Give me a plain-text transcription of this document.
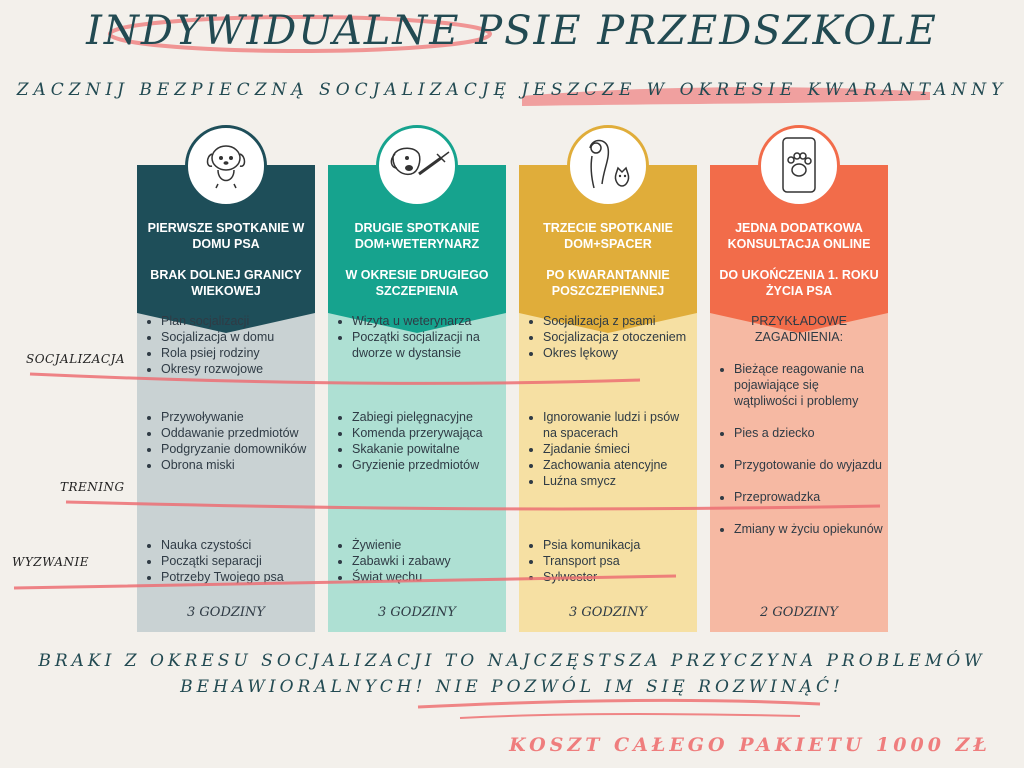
INDYWIDUALNE PSIE PRZEDSZKOLE
ZACZNIJ BEZPIECZNĄ SOCJALIZACJĘ JESZCZE W OKRESIE KWARANTANNY
PIERWSZE SPOTKANIE W DOMU PSA
BRAK DOLNEJ GRANICY WIEKOWEJ
• Plan socjalizacji
• Socjalizacja w domu
• Rola psiej rodziny
• Okresy rozwojowe
• Przywoływanie
• Oddawanie przedmiotów
• Podgryzanie domowników
• Obrona miski
• Nauka czystości
• Początki separacji
• Potrzeby Twojego psa
3 GODZINY
DRUGIE SPOTKANIE DOM+WETERYNARZ
W OKRESIE DRUGIEGO SZCZEPIENIA
• Wizyta u weterynarza
• Początki socjalizacji na dworze w dystansie
• Zabiegi pielęgnacyjne
• Komenda przerywająca
• Skakanie powitalne
• Gryzienie przedmiotów
• Żywienie
• Zabawki i zabawy
• Świat węchu
3 GODZINY
TRZECIE SPOTKANIE DOM+SPACER
PO KWARANTANNIE POSZCZEPIENNEJ
• Socjalizacja z psami
• Socjalizacja z otoczeniem
• Okres lękowy
• Ignorowanie ludzi i psów na spacerach
• Zjadanie śmieci
• Zachowania atencyjne
• Luźna smycz
• Psia komunikacja
• Transport psa
• Sylwester
3 GODZINY
JEDNA DODATKOWA KONSULTACJA ONLINE
DO UKOŃCZENIA 1. ROKU ŻYCIA PSA
PRZYKŁADOWE ZAGADNIENIA:
• Bieżące reagowanie na pojawiające się wątpliwości i problemy
• Pies a dziecko
• Przygotowanie do wyjazdu
• Przeprowadzka
• Zmiany w życiu opiekunów
2 GODZINY
SOCJALIZACJA
TRENING
WYZWANIE
BRAKI Z OKRESU SOCJALIZACJI TO NAJCZĘSTSZA PRZYCZYNA PROBLEMÓW
BEHAWIORALNYCH! NIE POZWÓL IM SIĘ ROZWINĄĆ!
KOSZT CAŁEGO PAKIETU 1000 ZŁ
